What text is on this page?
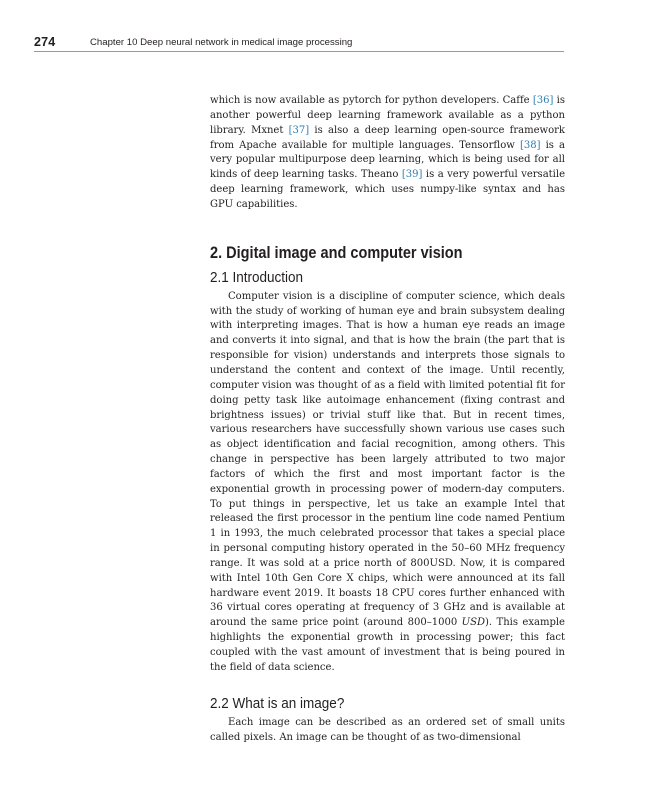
274	Chapter 10 Deep neural network in medical image processing

which is now available as pytorch for python developers. Caffe [36] is another powerful deep learning framework available as a python library. Mxnet [37] is also a deep learning open-source framework from Apache available for multiple languages. Tensorflow [38] is a very popular multipurpose deep learning, which is being used for all kinds of deep learning tasks. Theano [39] is a very powerful versatile deep learning framework, which uses numpy-like syntax and has GPU capabilities.

2. Digital image and computer vision
2.1 Introduction

Computer vision is a discipline of computer science, which deals with the study of working of human eye and brain subsystem dealing with interpreting images. That is how a human eye reads an image and converts it into signal, and that is how the brain (the part that is responsible for vision) understands and interprets those signals to understand the content and context of the image. Until recently, computer vision was thought of as a field with limited potential fit for doing petty task like autoimage enhancement (fixing contrast and brightness issues) or trivial stuff like that. But in recent times, various researchers have successfully shown various use cases such as object identification and facial recognition, among others. This change in perspective has been largely attributed to two major factors of which the first and most important factor is the exponential growth in processing power of modern-day computers. To put things in perspective, let us take an example Intel that released the first processor in the pentium line code named Pentium 1 in 1993, the much celebrated processor that takes a special place in personal computing history operated in the 50–60 MHz frequency range. It was sold at a price north of 800USD. Now, it is compared with Intel 10th Gen Core X chips, which were announced at its fall hardware event 2019. It boasts 18 CPU cores further enhanced with 36 virtual cores operating at frequency of 3 GHz and is available at around the same price point (around 800–1000 USD). This example highlights the exponential growth in processing power; this fact coupled with the vast amount of investment that is being poured in the field of data science.

2.2 What is an image?

Each image can be described as an ordered set of small units called pixels. An image can be thought of as two-dimensional
